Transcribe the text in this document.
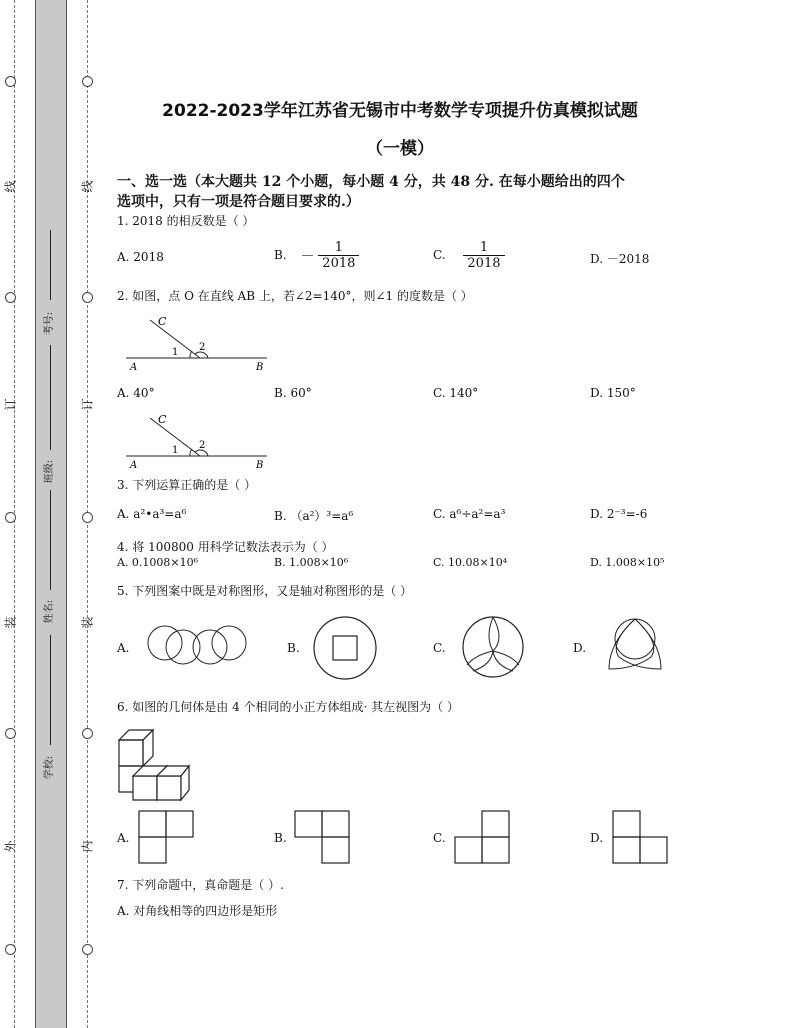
线
订
装
外
线
订
装
内
考号:
班级:
姓名:
学校:
2022-2023学年江苏省无锡市中考数学专项提升仿真模拟试题
（一模）
一、选一选（本大题共 12 个小题，每小题 4 分，共 48 分. 在每小题给出的四个
选项中，只有一项是符合题目要求的.）
1. 2018 的相反数是（ ）
A. 2018	B. － $\frac{1}{2018}$	C. $\frac{1}{2018}$	D. －2018
2. 如图，点 O 在直线 AB 上，若∠2=140°，则∠1 的度数是（ ）
C
1 2
A	B
A. 40°	B. 60°	C. 140°	D. 150°
C
1 2
A	B
3. 下列运算正确的是（ ）
A. a²•a³=a⁶	B. （a²）³=a⁶	C. a⁶÷a²=a³	D. 2⁻³=-6
4. 将 100800 用科学记数法表示为（ ）
A. 0.1008×10⁶	B. 1.008×10⁶	C. 10.08×10⁴	D. 1.008×10⁵
5. 下列图案中既是对称图形，又是轴对称图形的是（ ）
A.	B.	C.	D.
6. 如图的几何体是由 4 个相同的小正方体组成· 其左视图为（ ）
A.	B.	C.	D.
7. 下列命题中，真命题是（ ）.
A. 对角线相等的四边形是矩形
